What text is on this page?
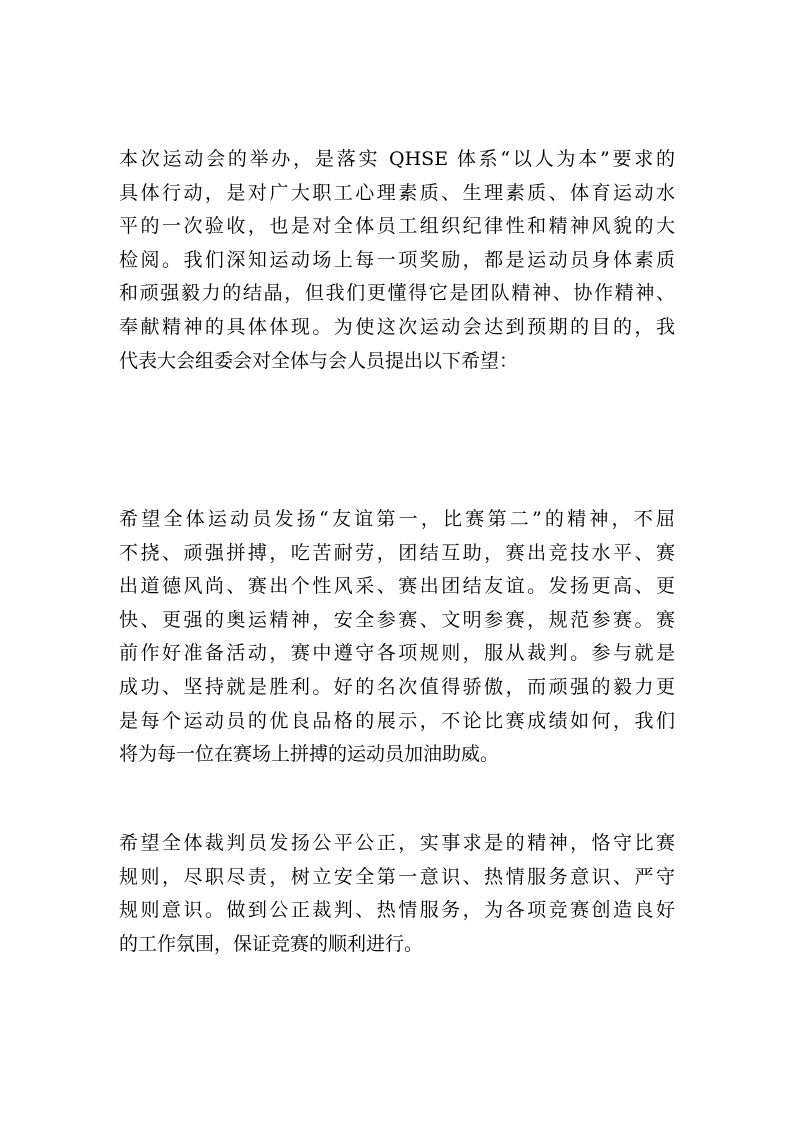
本次运动会的举办，是落实 QHSE 体系“以人为本”要求的
具体行动，是对广大职工心理素质、生理素质、体育运动水
平的一次验收，也是对全体员工组织纪律性和精神风貌的大
检阅。我们深知运动场上每一项奖励，都是运动员身体素质
和顽强毅力的结晶，但我们更懂得它是团队精神、协作精神、
奉献精神的具体体现。为使这次运动会达到预期的目的，我
代表大会组委会对全体与会人员提出以下希望：

希望全体运动员发扬“友谊第一，比赛第二”的精神，不屈
不挠、顽强拼搏，吃苦耐劳，团结互助，赛出竞技水平、赛
出道德风尚、赛出个性风采、赛出团结友谊。发扬更高、更
快、更强的奥运精神，安全参赛、文明参赛，规范参赛。赛
前作好准备活动，赛中遵守各项规则，服从裁判。参与就是
成功、坚持就是胜利。好的名次值得骄傲，而顽强的毅力更
是每个运动员的优良品格的展示，不论比赛成绩如何，我们
将为每一位在赛场上拼搏的运动员加油助威。

希望全体裁判员发扬公平公正，实事求是的精神，恪守比赛
规则，尽职尽责，树立安全第一意识、热情服务意识、严守
规则意识。做到公正裁判、热情服务，为各项竞赛创造良好
的工作氛围，保证竞赛的顺利进行。
